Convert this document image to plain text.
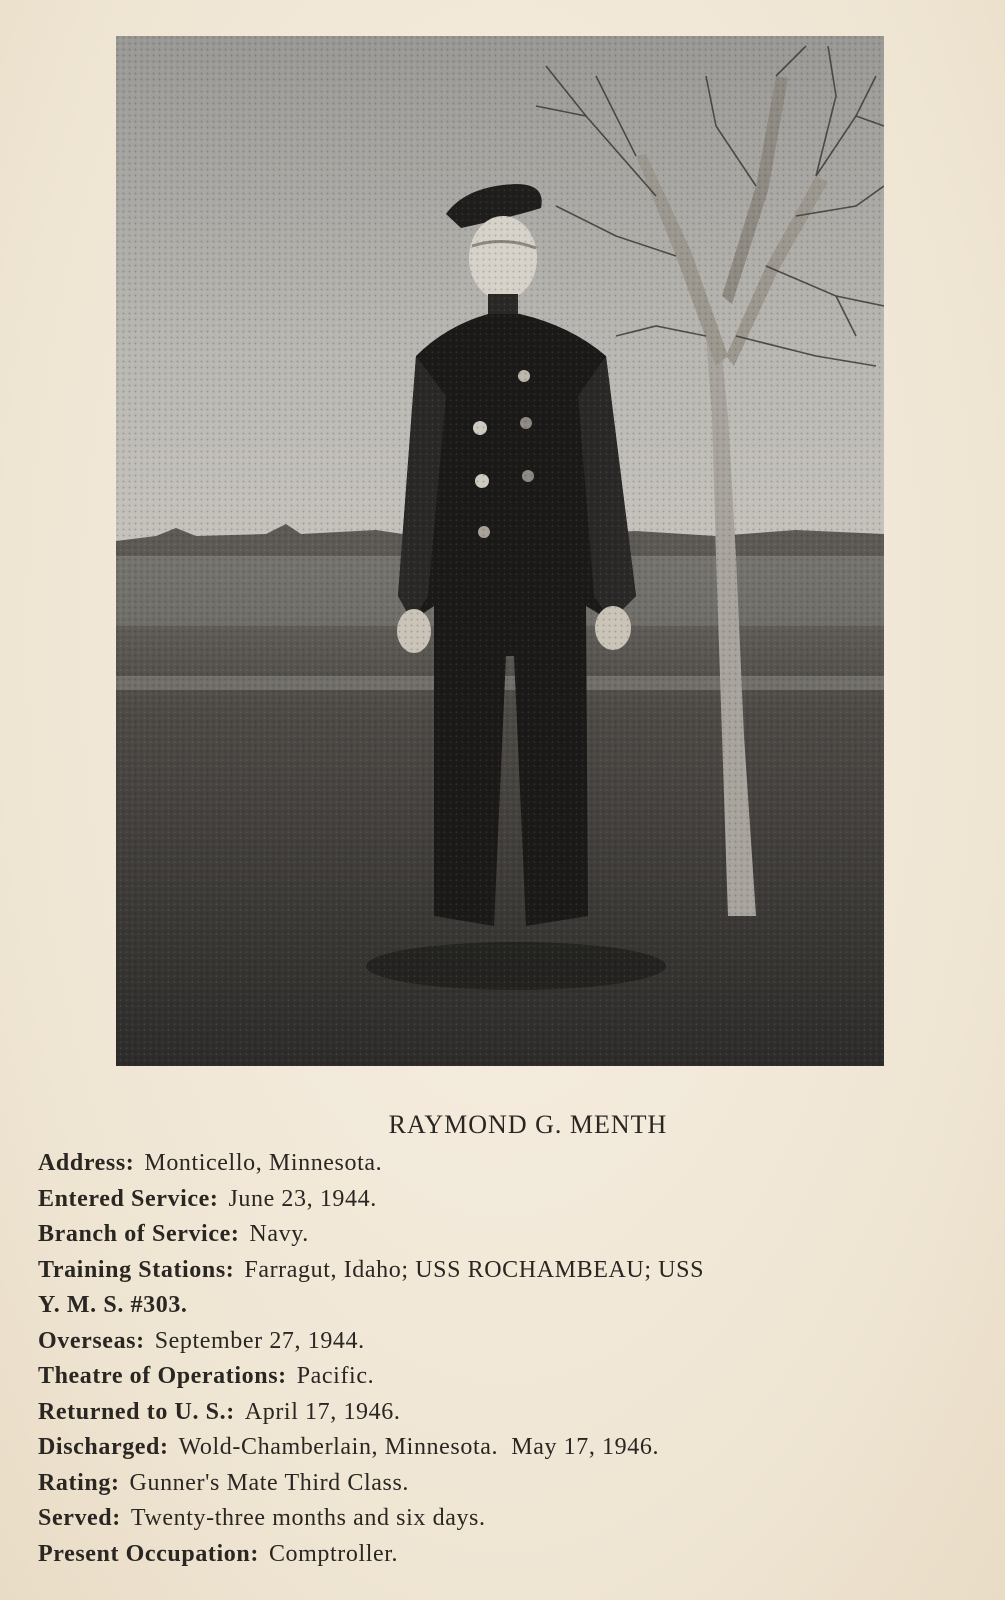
RAYMOND G. MENTH
Address: Monticello, Minnesota.
Entered Service: June 23, 1944.
Branch of Service: Navy.
Training Stations: Farragut, Idaho; USS ROCHAMBEAU; USS
Y. M. S. #303.
Overseas: September 27, 1944.
Theatre of Operations: Pacific.
Returned to U. S.: April 17, 1946.
Discharged: Wold-Chamberlain, Minnesota.  May 17, 1946.
Rating: Gunner's Mate Third Class.
Served: Twenty-three months and six days.
Present Occupation: Comptroller.
